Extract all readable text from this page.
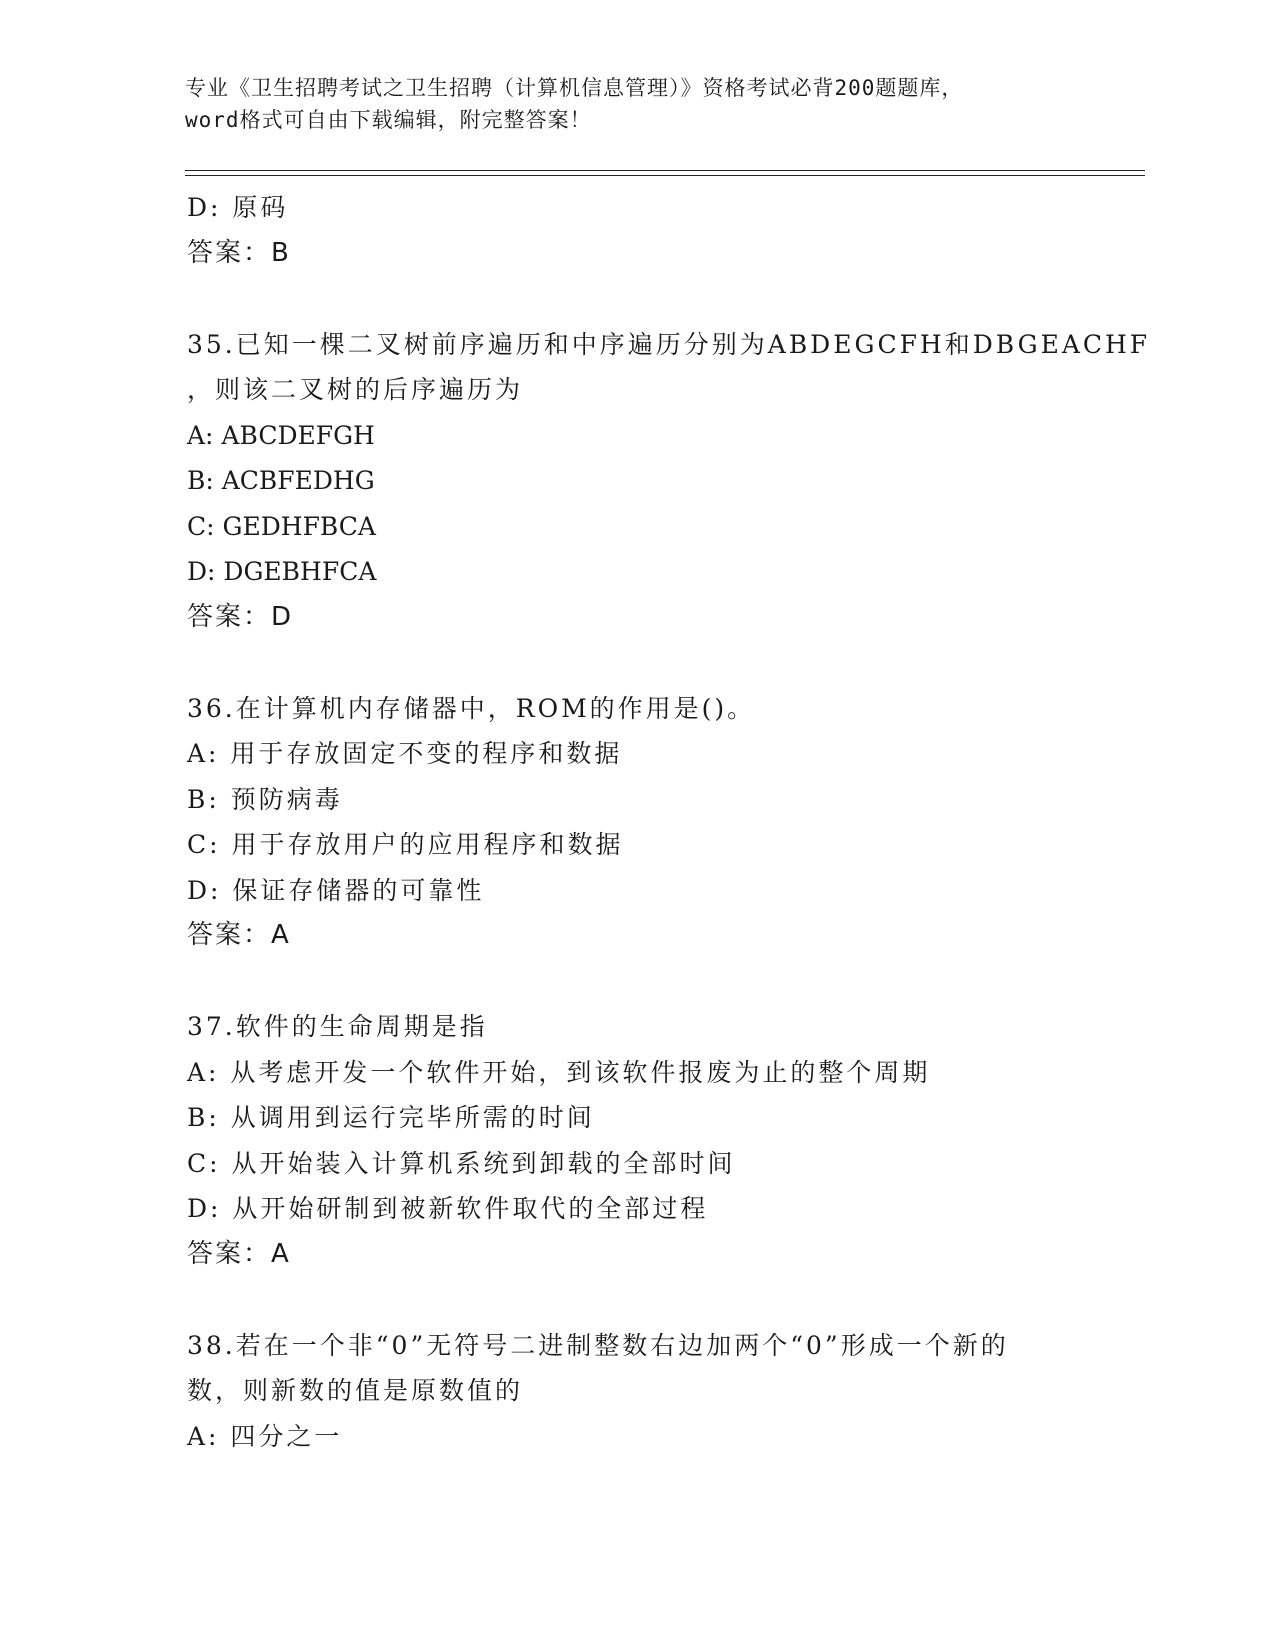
专业《卫生招聘考试之卫生招聘（计算机信息管理）》资格考试必背200题题库，
word格式可自由下载编辑，附完整答案！
D: 原码
答案：B
35.已知一棵二叉树前序遍历和中序遍历分别为ABDEGCFH和DBGEACHF
，则该二叉树的后序遍历为
A: ABCDEFGH
B: ACBFEDHG
C: GEDHFBCA
D: DGEBHFCA
答案：D
36.在计算机内存储器中，ROM的作用是()。
A: 用于存放固定不变的程序和数据
B: 预防病毒
C: 用于存放用户的应用程序和数据
D: 保证存储器的可靠性
答案：A
37.软件的生命周期是指
A: 从考虑开发一个软件开始，到该软件报废为止的整个周期
B: 从调用到运行完毕所需的时间
C: 从开始装入计算机系统到卸载的全部时间
D: 从开始研制到被新软件取代的全部过程
答案：A
38.若在一个非“0”无符号二进制整数右边加两个“0”形成一个新的
数，则新数的值是原数值的
A: 四分之一
